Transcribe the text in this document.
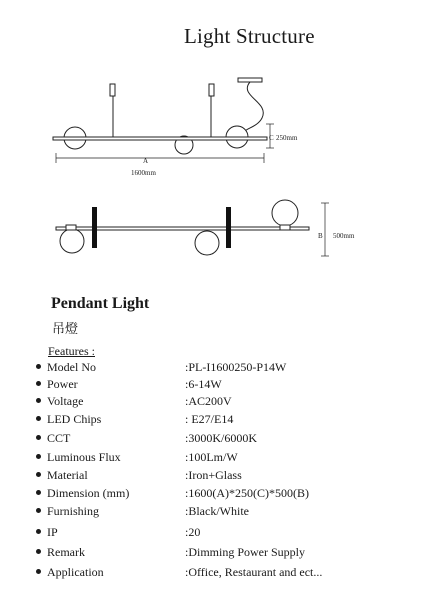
Light Structure
A
1600mm
C 250mm
B 500mm
Pendant Light
吊燈
Features :
Model No	:PL-I1600250-P14W
Power	:6-14W
Voltage	:AC200V
LED Chips	: E27/E14
CCT	:3000K/6000K
Luminous Flux	:100Lm/W
Material	:Iron+Glass
Dimension (mm)	:1600(A)*250(C)*500(B)
Furnishing	:Black/White
IP	:20
Remark	:Dimming Power Supply
Application	:Office, Restaurant and ect...
